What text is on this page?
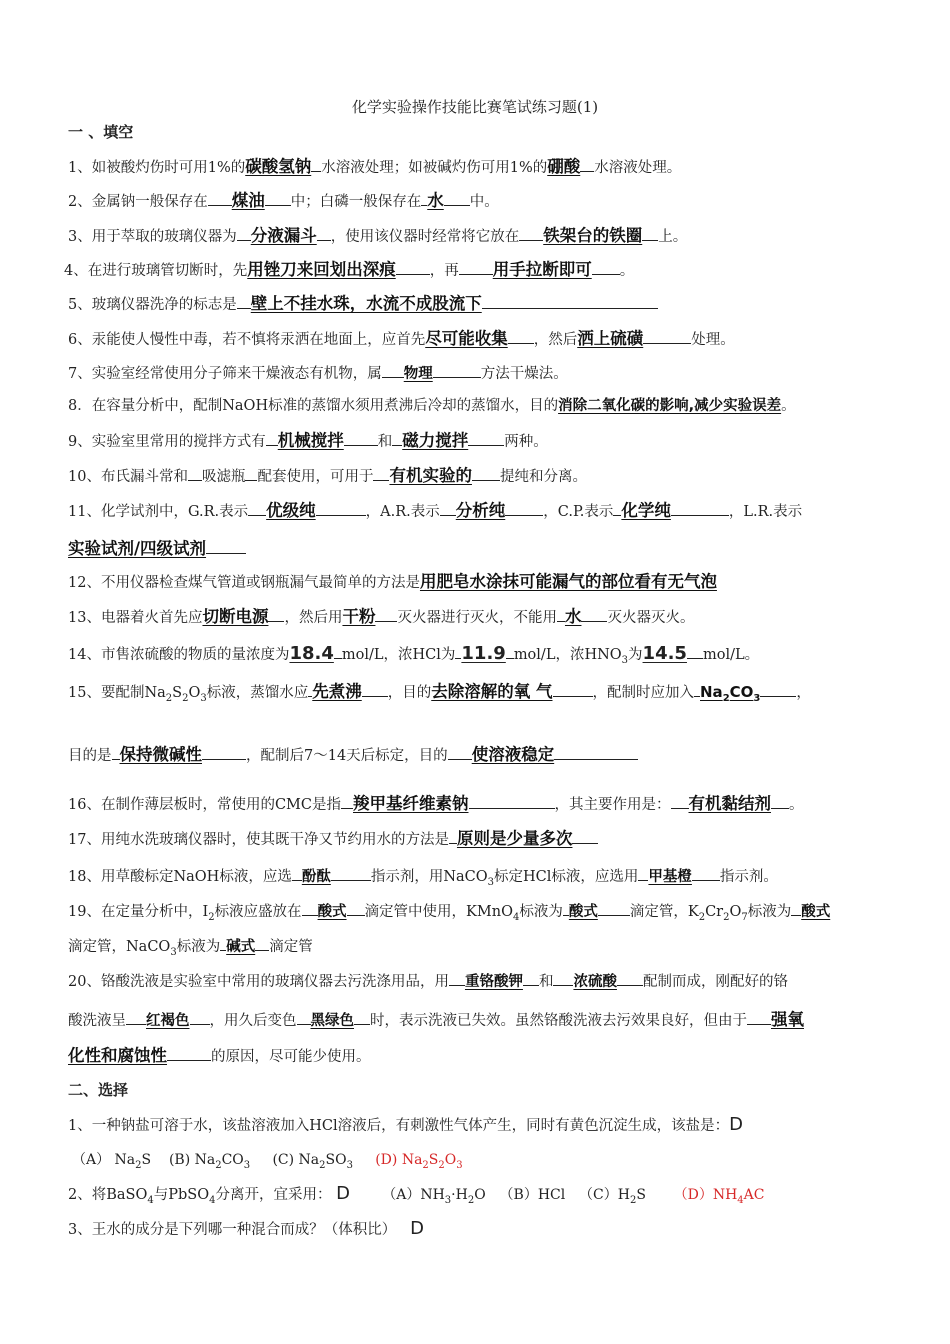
化学实验操作技能比赛笔试练习题(1)
一 、填空
1、如被酸灼伤时可用1%的碳酸氢钠 水溶液处理；如被碱灼伤可用1%的硼酸 水溶液处理。
2、金属钠一般保存在 煤油 中；白磷一般保存在 水 中。
3、用于萃取的玻璃仪器为 分液漏斗 ，使用该仪器时经常将它放在 铁架台的铁圈 上。
4、在进行玻璃管切断时，先用锉刀来回划出深痕 ，再 用手拉断即可 。
5、玻璃仪器洗净的标志是 壁上不挂水珠，水流不成股流下
6、汞能使人慢性中毒，若不慎将汞洒在地面上，应首先尽可能收集 ，然后洒上硫磺	处理。
7、实验室经常使用分子筛来干燥液态有机物，属 物理	方法干燥法。
8．在容量分析中，配制NaOH标准的蒸馏水须用煮沸后冷却的蒸馏水，目的消除二氧化碳的影响,减少实验误差。
9、实验室里常用的搅拌方式有 机械搅拌 和 磁力搅拌 两种。
10、布氏漏斗常和 吸滤瓶 配套使用，可用于 有机实验的 提纯和分离。
11、化学试剂中，G.R.表示 优级纯	，A.R.表示 分析纯	，C.P.表示 化学纯	，L.R.表示
实验试剂/四级试剂
12、不用仪器检查煤气管道或钢瓶漏气最简单的方法是用肥皂水涂抹可能漏气的部位看有无气泡
13、电器着火首先应切断电源 ，然后用干粉 灭火器进行灭火，不能用 水 灭火器灭火。
14、市售浓硫酸的物质的量浓度为18.4 mol/L，浓HCl为 11.9 mol/L，浓$HNO_3$为14.5 mol/L。
15、要配制$Na_2S_2O_3$标液，蒸馏水应 先煮沸 ，目的去除溶解的氧 气	，配制时应加入 $Na_2CO_3$ ，
目的是 保持微碱性	，配制后7～14天后标定，目的 使溶液稳定
16、在制作薄层板时，常使用的CMC是指 羧甲基纤维素钠	，其主要作用是： 有机黏结剂 。
17、用纯水洗玻璃仪器时，使其既干净又节约用水的方法是 原则是少量多次
18、用草酸标定NaOH标液，应选 酚酞	指示剂，用NaCO$_3$标定HCl标液，应选用 甲基橙 指示剂。
19、在定量分析中，$I_2$标液应盛放在 酸式 滴定管中使用，KMnO$_4$标液为 酸式 滴定管，$K_2Cr_2O_7$标液为 酸式
滴定管，NaCO$_3$标液为 碱式 滴定管
20、铬酸洗液是实验室中常用的玻璃仪器去污洗涤用品，用 重铬酸钾 和 浓硫酸 配制而成，刚配好的铬
酸洗液呈 红褐色 ，用久后变色 黑绿色 时，表示洗液已失效。虽然铬酸洗液去污效果良好，但由于 强氧
化性和腐蚀性	的原因，尽可能少使用。
二、选择
1、一种钠盐可溶于水，该盐溶液加入HCl溶液后，有刺激性气体产生，同时有黄色沉淀生成，该盐是：D
（A） $Na_2S$ (B) $Na_2CO_3$ (C) $Na_2SO_3$ (D) $Na_2S_2O_3$
2、将BaSO$_4$与PbSO$_4$分离开，宜采用： D $(A)NH_3\cdot H_2O$ （B）HCl $(C)H_2S$ $(D)NH_4AC$
3、王水的成分是下列哪一种混合而成？（体积比） D
